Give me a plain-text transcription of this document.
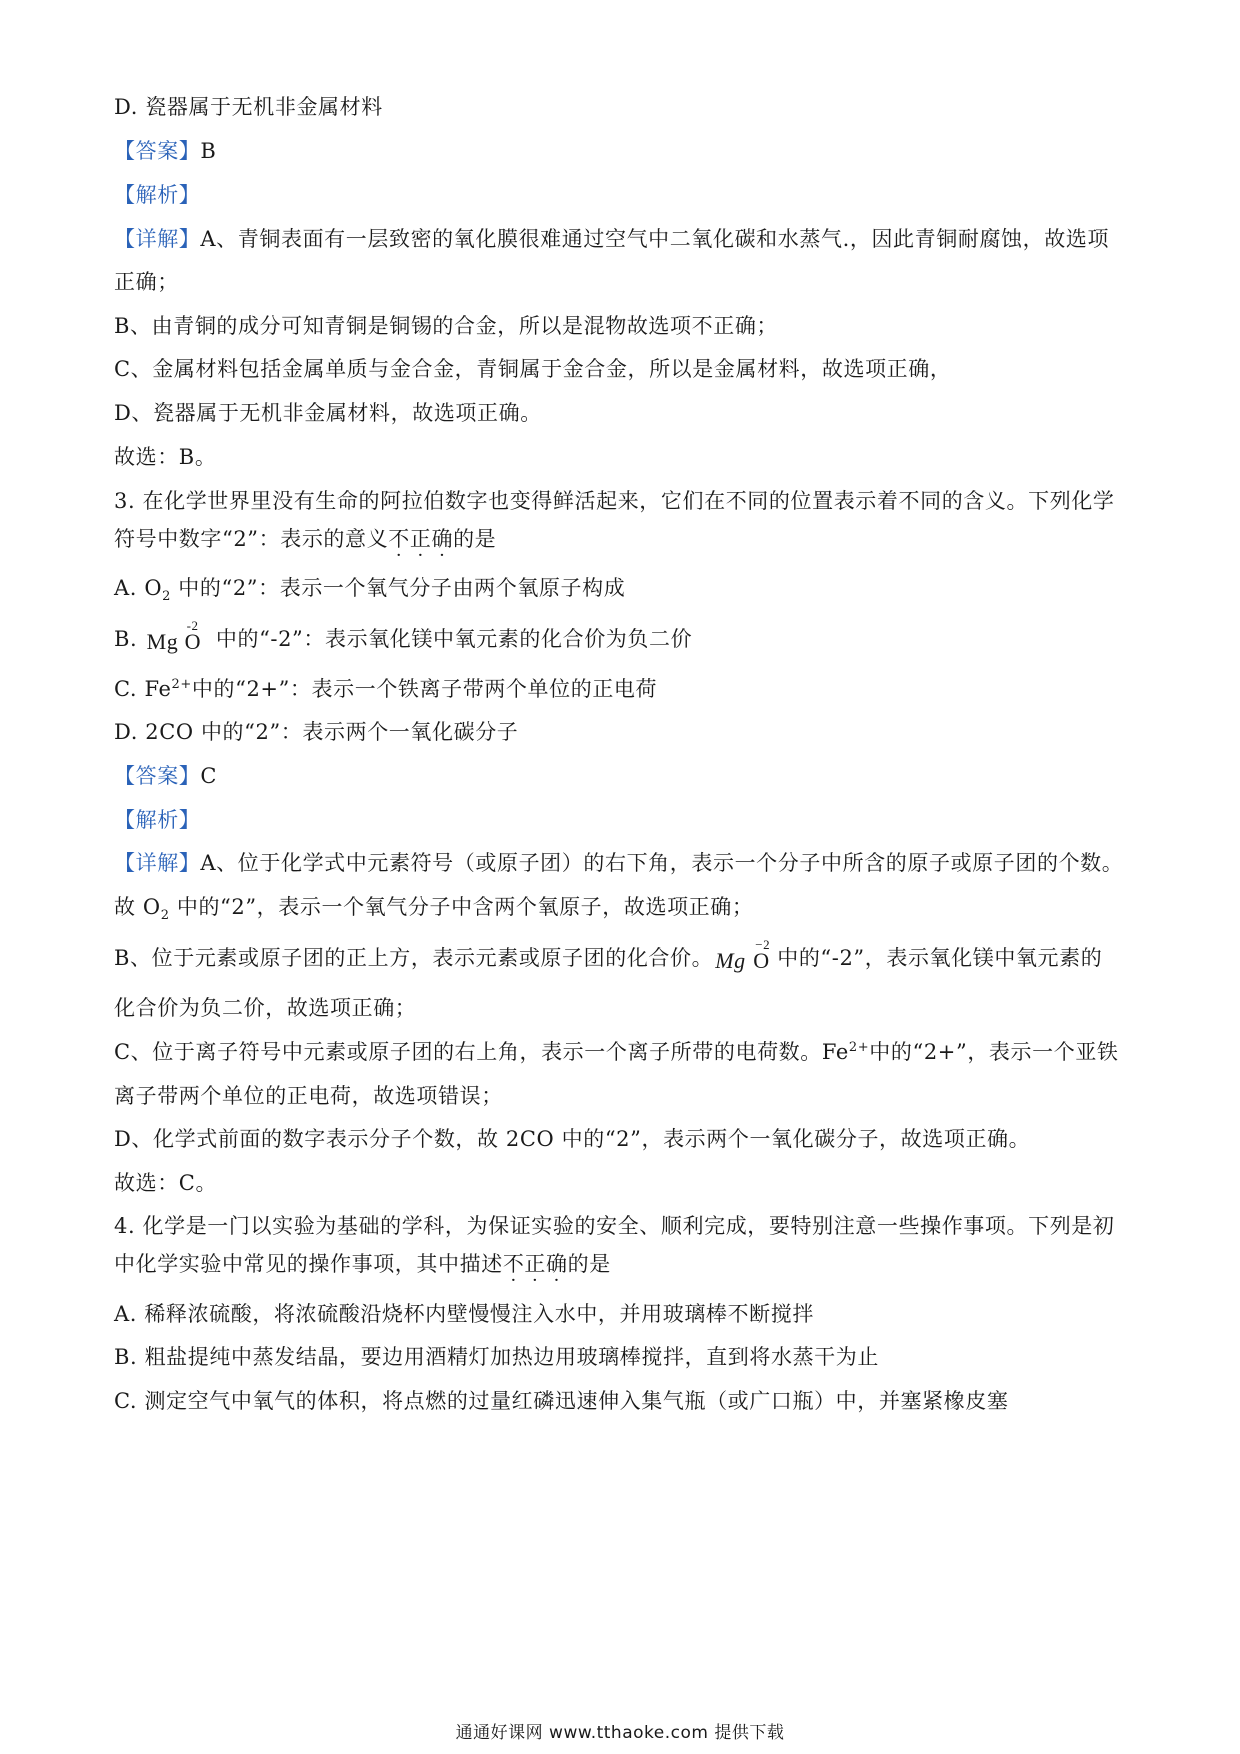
D. 瓷器属于无机非金属材料
【答案】B
【解析】
【详解】A、青铜表面有一层致密的氧化膜很难通过空气中二氧化碳和水蒸气.，因此青铜耐腐蚀，故选项
正确；
B、由青铜的成分可知青铜是铜锡的合金，所以是混物故选项不正确；
C、金属材料包括金属单质与金合金，青铜属于金合金，所以是金属材料，故选项正确，
D、瓷器属于无机非金属材料，故选项正确。
故选：B。
3. 在化学世界里没有生命的阿拉伯数字也变得鲜活起来，它们在不同的位置表示着不同的含义。下列化学
符号中数字“2”：表示的意义不正确的是
A. $O_2$ 中的“2”：表示一个氧气分子由两个氧原子构成
B. Mg
-2
O 中的“-2”：表示氧化镁中氧元素的化合价为负二价
C. $Fe^{2+}$中的“2+”：表示一个铁离子带两个单位的正电荷
D. 2CO 中的“2”：表示两个一氧化碳分子
【答案】C
【解析】
【详解】A、位于化学式中元素符号（或原子团）的右下角，表示一个分子中所含的原子或原子团的个数。
故 $O_2$ 中的“2”，表示一个氧气分子中含两个氧原子，故选项正确；
B、位于元素或原子团的正上方，表示元素或原子团的化合价。 Mg
−2
O 中的“-2”，表示氧化镁中氧元素的
化合价为负二价，故选项正确；
C、位于离子符号中元素或原子团的右上角，表示一个离子所带的电荷数。$Fe^{2+}$中的“2+”，表示一个亚铁
离子带两个单位的正电荷，故选项错误；
D、化学式前面的数字表示分子个数，故 2CO 中的“2”，表示两个一氧化碳分子，故选项正确。
故选：C。
4. 化学是一门以实验为基础的学科，为保证实验的安全、顺利完成，要特别注意一些操作事项。下列是初
中化学实验中常见的操作事项，其中描述不正确的是
A. 稀释浓硫酸，将浓硫酸沿烧杯内壁慢慢注入水中，并用玻璃棒不断搅拌
B. 粗盐提纯中蒸发结晶，要边用酒精灯加热边用玻璃棒搅拌，直到将水蒸干为止
C. 测定空气中氧气的体积，将点燃的过量红磷迅速伸入集气瓶（或广口瓶）中，并塞紧橡皮塞
通通好课网 www.tthaoke.com 提供下载
